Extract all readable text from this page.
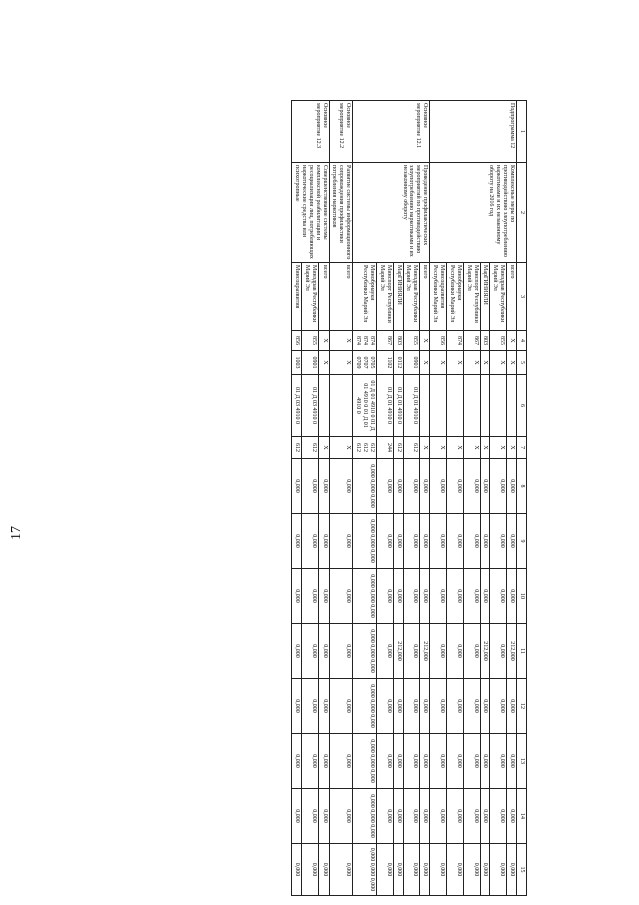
1	2	3	4	5	6	7	8	9	10	11	12	13	14	15
Подпрограмма 12	Комплексные меры по противодействию злоупотреблению наркотиками и их незаконному обороту на 2016 год	всего	X	X		X	0,000	0,000	0,000	212,000	0,000	0,000	0,000	0,000
		Минздрав Республики Марий Эл	855	X		X	0,000	0,000	0,000	0,000	0,000	0,000	0,000	0,000
		МарГИНИЯЛИ	803	X		X	0,000	0,000	0,000	212,000	0,000	0,000	0,000	0,000
		Минспорт Республики Марий Эл	867	X		X	0,000	0,000	0,000	0,000	0,000	0,000	0,000	0,000
		Минобрнауки Республики Марий Эл	874	X		X	0,000	0,000	0,000	0,000	0,000	0,000	0,000	0,000
		Минсоцразвития Республики Марий Эл	856	X		X	0,000	0,000	0,000	0,000	0,000	0,000	0,000	0,000
Основное мероприятие 12.1	Проведение профилактических мероприятий по противодействию злоупотреблению наркотиками и их незаконному обороту	всего	X	X		X	0,000	0,000	0,000	212,000	0,000	0,000	0,000	0,000
		Минздрав Республики Марий Эл	855	0901	01 Д 01 4910 0	612	0,000	0,000	0,000	0,000	0,000	0,000	0,000	0,000
		МарГИНИЯЛИ	803	0112	01 Д 01 4910 0	612	0,000	0,000	0,000	212,000	0,000	0,000	0,000	0,000
		Минспорт Республики Марий Эл	867	1102	01 Д 01 4910 0	244	0,000	0,000	0,000	0,000	0,000	0,000	0,000	0,000
		Минобрнауки Республики Марий Эл	874 874 874	0705 0707 0709	01 Д 01 4910 0 01 Д 01 4910 0 01 Д 01 4910 0	612 612 612	0,000 0,000 0,000	0,000 0,000 0,000	0,000 0,000 0,000	0,000 0,000 0,000	0,000 0,000 0,000	0,000 0,000 0,000	0,000 0,000 0,000	0,000 0,000 0,000
Основное мероприятие 12.2	Развитие системы информационного сопровождения профилактики потребления наркотиков	всего	X	X		X	0,000	0,000	0,000	0,000	0,000	0,000	0,000	0,000
Основное мероприятие 12.3	Совершенствование системы комплексной реабилитации и ресоциализации лиц, потребляющих наркотические средства или психотропные	всего	X	X		X	0,000	0,000	0,000	0,000	0,000	0,000	0,000	0,000
		Минздрав Республики Марий Эл	855	0901	01 Д 03 4910 0	612	0,000	0,000	0,000	0,000	0,000	0,000	0,000	0,000
		Минсоцразвития	856	1003	01 Д 03 4910 0	612	0,000	0,000	0,000	0,000	0,000	0,000	0,000	0,000
17
